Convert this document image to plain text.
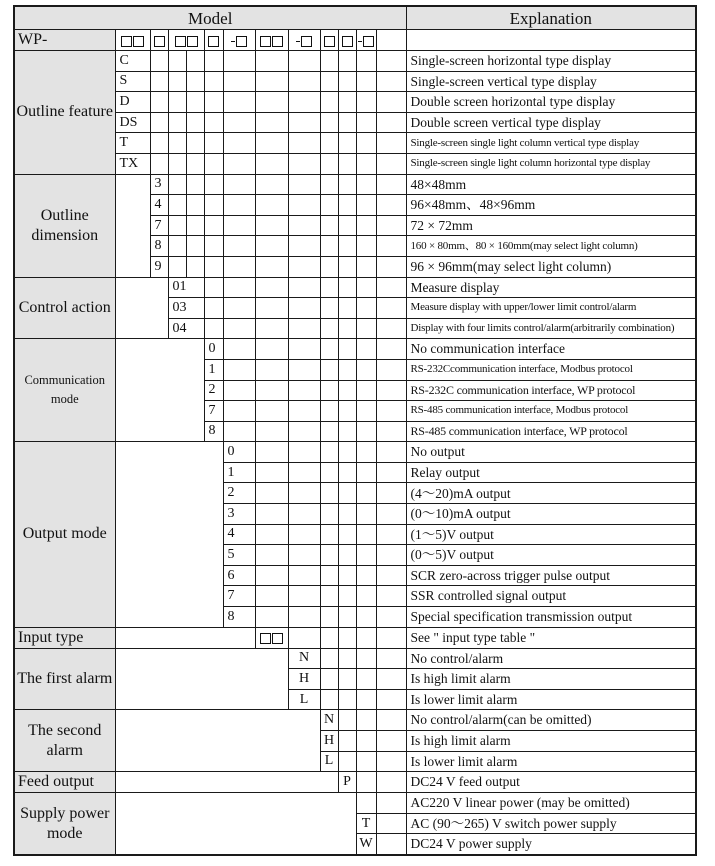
Model													Explanation
WP-													
Outline feature	C												Single-screen horizontal type display
	S												Single-screen vertical type display
	D												Double screen horizontal type display
	DS												Double screen vertical type display
	T												Single-screen single light column vertical type display
	TX												Single-screen single light column horizontal type display
Outline dimension		3											48×48mm
		4											96×48mm、48×96mm
		7											72 × 72mm
		8											160 × 80mm、80 × 160mm(may select light column)
		9											96 × 96mm(may select light column)
Control action			01										Measure display
			03										Measure display with upper/lower limit control/alarm
			04										Display with four limits control/alarm(arbitrarily combination)
Communication mode					0								No communication interface
					1								RS-232Ccommunication interface, Modbus protocol
					2								RS-232C communication interface, WP protocol
					7								RS-485 communication interface, Modbus protocol
					8								RS-485 communication interface, WP protocol
Output mode						0							No output
						1							Relay output
						2							(4～20)mA output
						3							(0～10)mA output
						4							(1～5)V output
						5							(0～5)V output
						6							SCR zero-across trigger pulse output
						7							SSR controlled signal output
						8							Special specification transmission output
Input type													See " input type table "
The first alarm								N					No control/alarm
								H					Is high limit alarm
								L					Is lower limit alarm
The second alarm									N				No control/alarm(can be omitted)
									H				Is high limit alarm
									L				Is lower limit alarm
Feed output										P			DC24 V feed output
Supply power mode													AC220 V linear power (may be omitted)
											T		AC (90～265) V switch power supply
											W		DC24 V power supply
